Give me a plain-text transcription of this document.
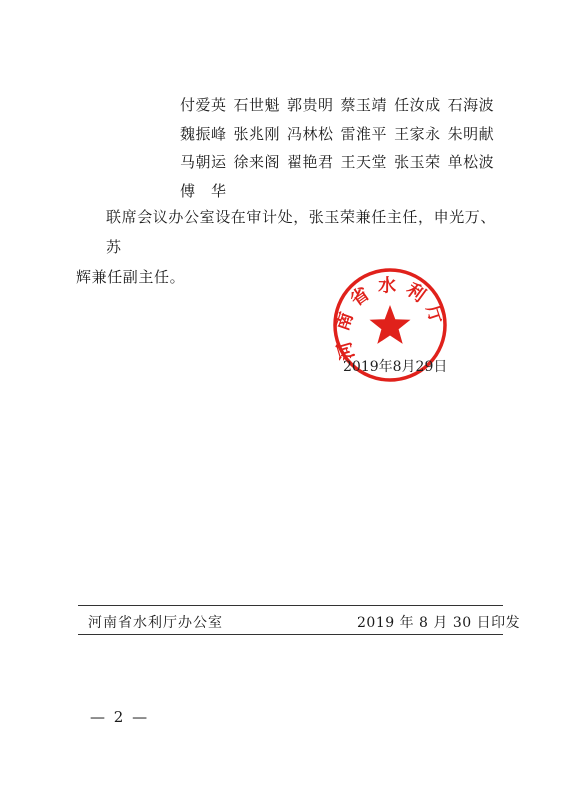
付爱英 石世魁 郭贵明 蔡玉靖 任汝成 石海波
魏振峰 张兆刚 冯林松 雷淮平 王家永 朱明献
马朝运 徐来阁 翟艳君 王天堂 张玉荣 单松波
傅　华
联席会议办公室设在审计处，张玉荣兼任主任，申光万、苏
辉兼任副主任。
河南省水利厅
2019年8月29日
河南省水利厅办公室	2019 年 8 月 30 日印发
— 2 —
